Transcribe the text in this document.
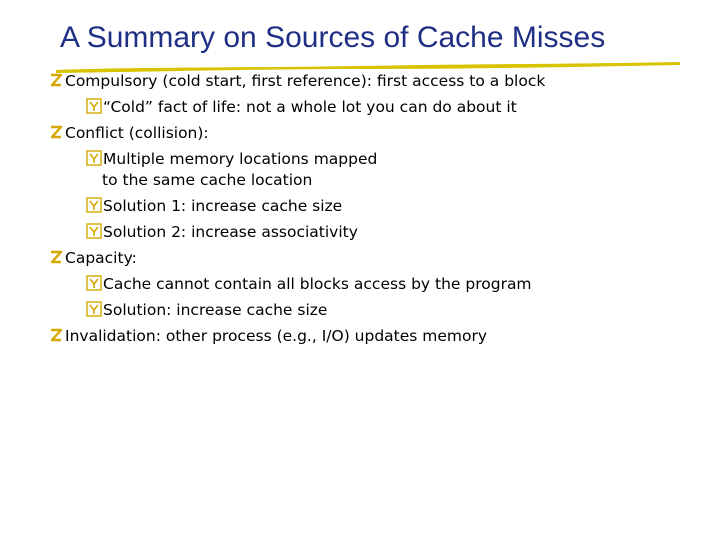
A Summary on Sources of Cache Misses
Compulsory (cold start, first reference): first access to a block
“Cold” fact of life: not a whole lot you can do about it
Conflict (collision):
Multiple memory locations mapped
to the same cache location
Solution 1: increase cache size
Solution 2: increase associativity
Capacity:
Cache cannot contain all blocks access by the program
Solution: increase cache size
Invalidation: other process (e.g., I/O) updates memory
